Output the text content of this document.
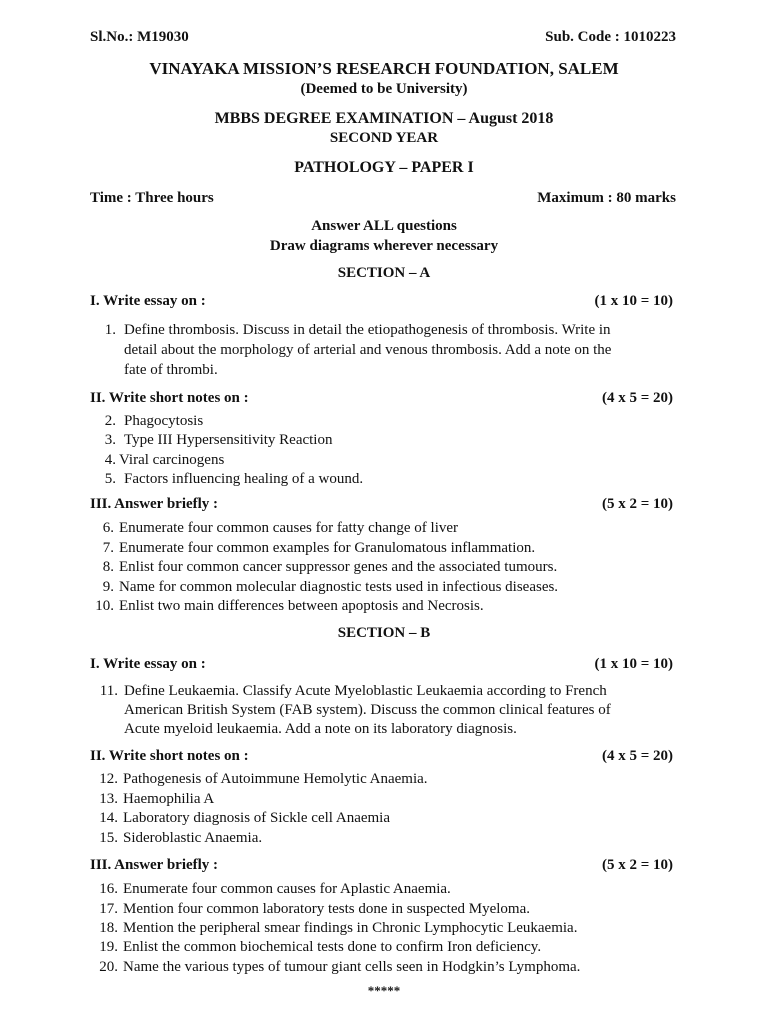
Sl.No.: M19030	Sub. Code : 1010223
VINAYAKA MISSION’S RESEARCH FOUNDATION, SALEM
(Deemed to be University)
MBBS DEGREE EXAMINATION – August 2018
SECOND YEAR
PATHOLOGY – PAPER I
Time : Three hours	Maximum : 80 marks
Answer ALL questions
Draw diagrams wherever necessary
SECTION – A
I. Write essay on :	(1 x 10 = 10)
1. Define thrombosis. Discuss in detail the etiopathogenesis of thrombosis. Write in
detail about the morphology of arterial and venous thrombosis. Add a note on the
fate of thrombi.
II. Write short notes on :	(4 x 5 = 20)
2. Phagocytosis
3. Type III Hypersensitivity Reaction
4. Viral carcinogens
5. Factors influencing healing of a wound.
III. Answer briefly :	(5 x 2 = 10)
6. Enumerate four common causes for fatty change of liver
7. Enumerate four common examples for Granulomatous inflammation.
8. Enlist four common cancer suppressor genes and the associated tumours.
9. Name for common molecular diagnostic tests used in infectious diseases.
10. Enlist two main differences between apoptosis and Necrosis.
SECTION – B
I. Write essay on :	(1 x 10 = 10)
11. Define Leukaemia. Classify Acute Myeloblastic Leukaemia according to French
American British System (FAB system). Discuss the common clinical features of
Acute myeloid leukaemia. Add a note on its laboratory diagnosis.
II. Write short notes on :	(4 x 5 = 20)
12. Pathogenesis of Autoimmune Hemolytic Anaemia.
13. Haemophilia A
14. Laboratory diagnosis of Sickle cell Anaemia
15. Sideroblastic Anaemia.
III. Answer briefly :	(5 x 2 = 10)
16. Enumerate four common causes for Aplastic Anaemia.
17. Mention four common laboratory tests done in suspected Myeloma.
18. Mention the peripheral smear findings in Chronic Lymphocytic Leukaemia.
19. Enlist the common biochemical tests done to confirm Iron deficiency.
20. Name the various types of tumour giant cells seen in Hodgkin’s Lymphoma.
*****
